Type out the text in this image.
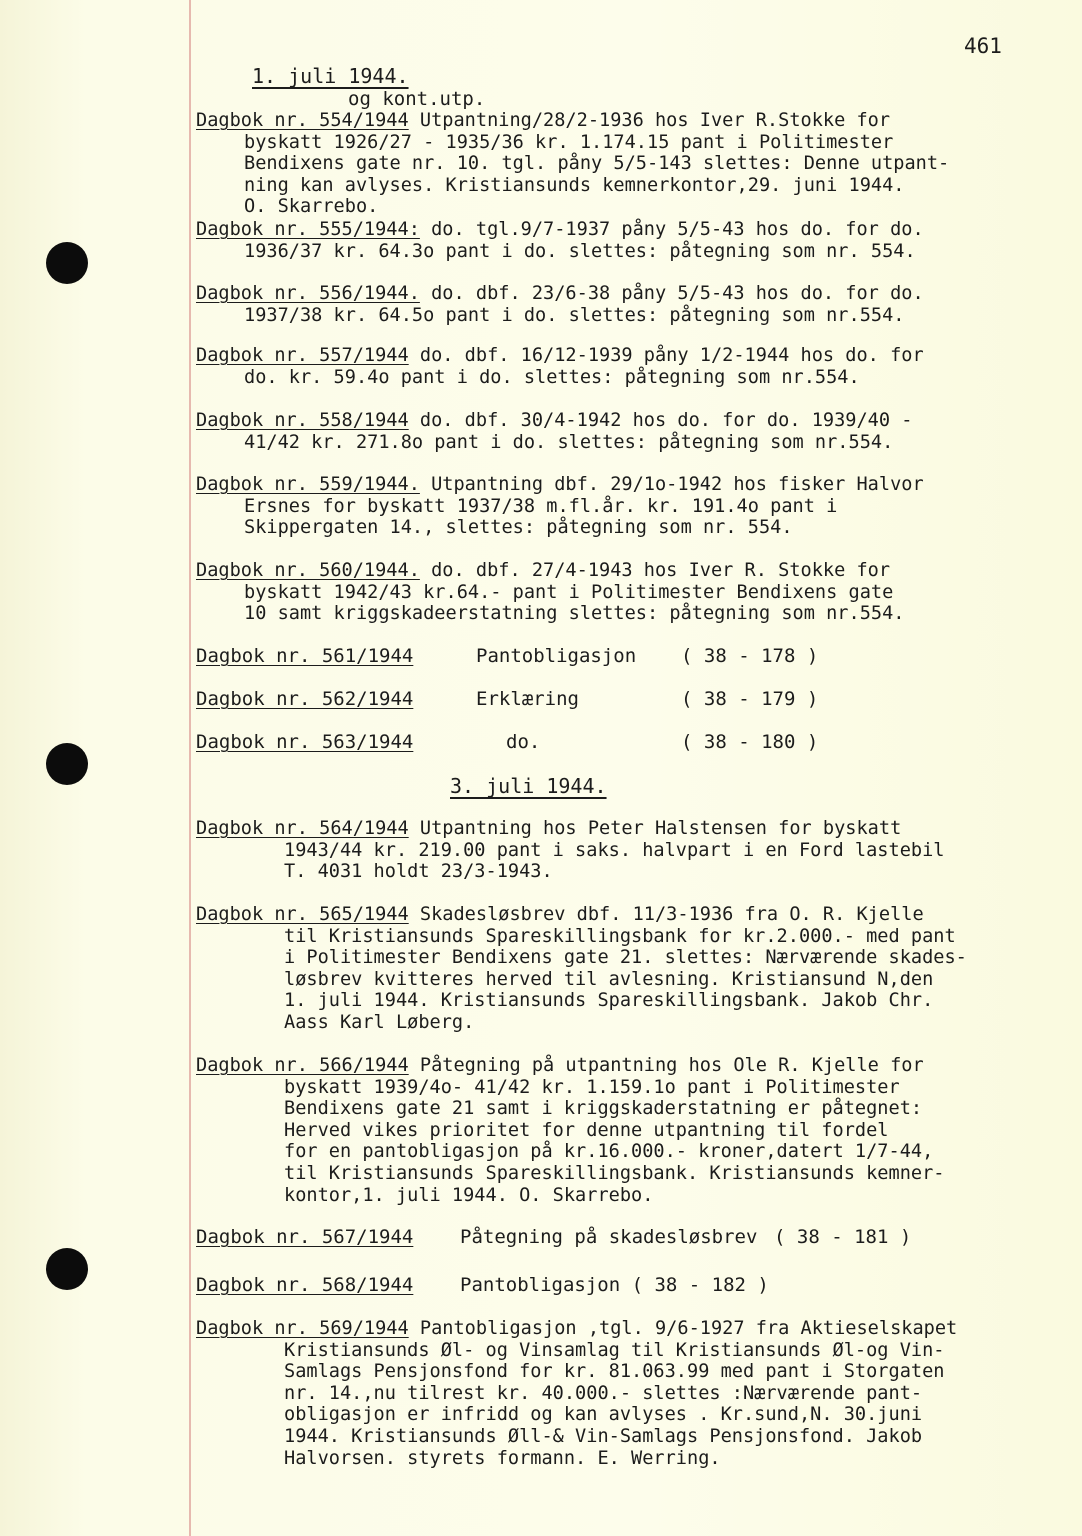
461
1. juli 1944.
og kont.utp.
Dagbok nr. 554/1944 Utpantning/28/2-1936 hos Iver R.Stokke for
byskatt 1926/27 - 1935/36 kr. 1.174.15 pant i Politimester
Bendixens gate nr. 10. tgl. påny 5/5-143 slettes: Denne utpant-
ning kan avlyses. Kristiansunds kemnerkontor,29. juni 1944.
O. Skarrebo.
Dagbok nr. 555/1944: do. tgl.9/7-1937 påny 5/5-43 hos do. for do.
1936/37 kr. 64.3o pant i do. slettes: påtegning som nr. 554.
Dagbok nr. 556/1944. do. dbf. 23/6-38 påny 5/5-43 hos do. for do.
1937/38 kr. 64.5o pant i do. slettes: påtegning som nr.554.
Dagbok nr. 557/1944 do. dbf. 16/12-1939 påny 1/2-1944 hos do. for
do. kr. 59.4o pant i do. slettes: påtegning som nr.554.
Dagbok nr. 558/1944 do. dbf. 30/4-1942 hos do. for do. 1939/40 -
41/42 kr. 271.8o pant i do. slettes: påtegning som nr.554.
Dagbok nr. 559/1944. Utpantning dbf. 29/1o-1942 hos fisker Halvor
Ersnes for byskatt 1937/38 m.fl.år. kr. 191.4o pant i
Skippergaten 14., slettes: påtegning som nr. 554.
Dagbok nr. 560/1944. do. dbf. 27/4-1943 hos Iver R. Stokke for
byskatt 1942/43 kr.64.- pant i Politimester Bendixens gate
10 samt kriggskadeerstatning slettes: påtegning som nr.554.
Dagbok nr. 561/1944	Pantobligasjon ( 38 - 178 )
Dagbok nr. 562/1944	Erklæring	( 38 - 179 )
Dagbok nr. 563/1944	do.	( 38 - 180 )
3. juli 1944.
Dagbok nr. 564/1944 Utpantning hos Peter Halstensen for byskatt
1943/44 kr. 219.00 pant i saks. halvpart i en Ford lastebil
T. 4031 holdt 23/3-1943.
Dagbok nr. 565/1944 Skadesløsbrev dbf. 11/3-1936 fra O. R. Kjelle
til Kristiansunds Spareskillingsbank for kr.2.000.- med pant
i Politimester Bendixens gate 21. slettes: Nærværende skades-
løsbrev kvitteres herved til avlesning. Kristiansund N,den
1. juli 1944. Kristiansunds Spareskillingsbank. Jakob Chr.
Aass Karl Løberg.
Dagbok nr. 566/1944 Påtegning på utpantning hos Ole R. Kjelle for
byskatt 1939/4o- 41/42 kr. 1.159.1o pant i Politimester
Bendixens gate 21 samt i kriggskaderstatning er påtegnet:
Herved vikes prioritet for denne utpantning til fordel
for en pantobligasjon på kr.16.000.- kroner,datert 1/7-44,
til Kristiansunds Spareskillingsbank. Kristiansunds kemner-
kontor,1. juli 1944. O. Skarrebo.
Dagbok nr. 567/1944 Påtegning på skadesløsbrev ( 38 - 181 )
Dagbok nr. 568/1944 Pantobligasjon ( 38 - 182 )
Dagbok nr. 569/1944 Pantobligasjon ,tgl. 9/6-1927 fra Aktieselskapet
Kristiansunds Øl- og Vinsamlag til Kristiansunds Øl-og Vin-
Samlags Pensjonsfond for kr. 81.063.99 med pant i Storgaten
nr. 14.,nu tilrest kr. 40.000.- slettes :Nærværende pant-
obligasjon er infridd og kan avlyses . Kr.sund,N. 30.juni
1944. Kristiansunds Øll-& Vin-Samlags Pensjonsfond. Jakob
Halvorsen. styrets formann. E. Werring.
